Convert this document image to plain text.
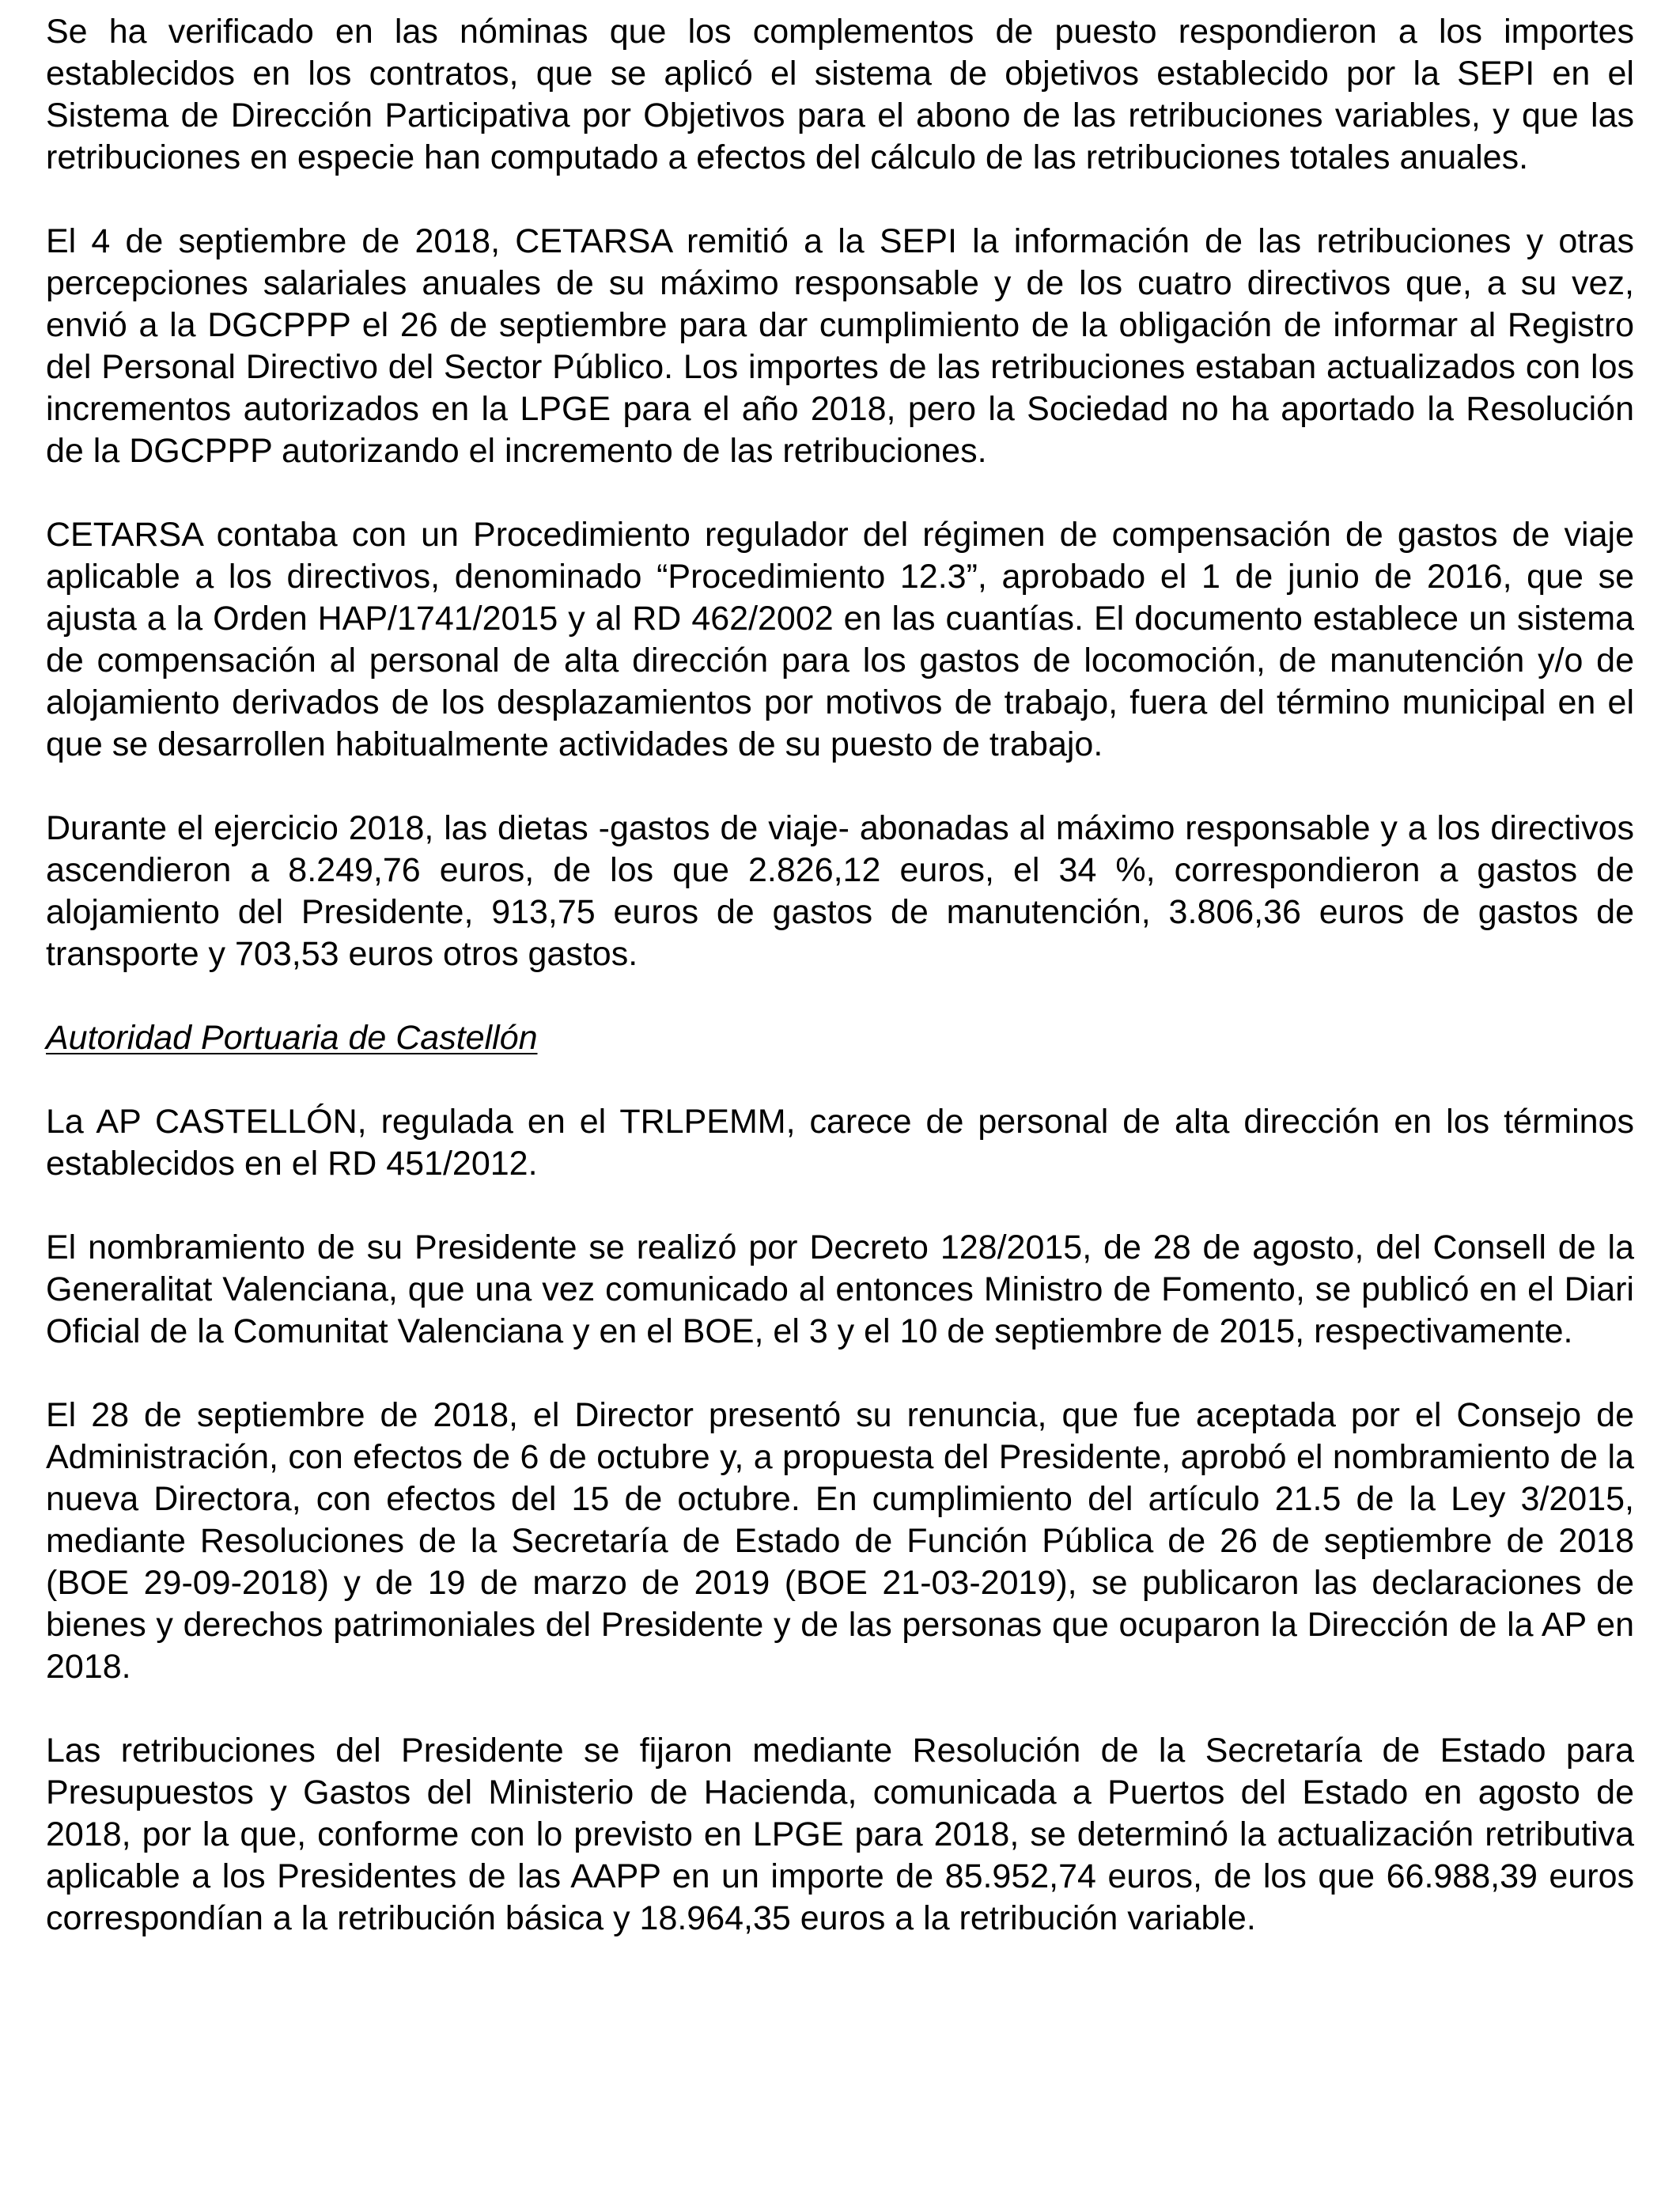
Se ha verificado en las nóminas que los complementos de puesto respondieron a los importes establecidos en los contratos, que se aplicó el sistema de objetivos establecido por la SEPI en el Sistema de Dirección Participativa por Objetivos para el abono de las retribuciones variables, y que las retribuciones en especie han computado a efectos del cálculo de las retribuciones totales anuales.

El 4 de septiembre de 2018, CETARSA remitió a la SEPI la información de las retribuciones y otras percepciones salariales anuales de su máximo responsable y de los cuatro directivos que, a su vez, envió a la DGCPPP el 26 de septiembre para dar cumplimiento de la obligación de informar al Registro del Personal Directivo del Sector Público. Los importes de las retribuciones estaban actualizados con los incrementos autorizados en la LPGE para el año 2018, pero la Sociedad no ha aportado la Resolución de la DGCPPP autorizando el incremento de las retribuciones.

CETARSA contaba con un Procedimiento regulador del régimen de compensación de gastos de viaje aplicable a los directivos, denominado “Procedimiento 12.3”, aprobado el 1 de junio de 2016, que se ajusta a la Orden HAP/1741/2015 y al RD 462/2002 en las cuantías. El documento establece un sistema de compensación al personal de alta dirección para los gastos de locomoción, de manutención y/o de alojamiento derivados de los desplazamientos por motivos de trabajo, fuera del término municipal en el que se desarrollen habitualmente actividades de su puesto de trabajo.

Durante el ejercicio 2018, las dietas -gastos de viaje- abonadas al máximo responsable y a los directivos ascendieron a 8.249,76 euros, de los que 2.826,12 euros, el 34 %, correspondieron a gastos de alojamiento del Presidente, 913,75 euros de gastos de manutención, 3.806,36 euros de gastos de transporte y 703,53 euros otros gastos.

Autoridad Portuaria de Castellón

La AP CASTELLÓN, regulada en el TRLPEMM, carece de personal de alta dirección en los términos establecidos en el RD 451/2012.

El nombramiento de su Presidente se realizó por Decreto 128/2015, de 28 de agosto, del Consell de la Generalitat Valenciana, que una vez comunicado al entonces Ministro de Fomento, se publicó en el Diari Oficial de la Comunitat Valenciana y en el BOE, el 3 y el 10 de septiembre de 2015, respectivamente.

El 28 de septiembre de 2018, el Director presentó su renuncia, que fue aceptada por el Consejo de Administración, con efectos de 6 de octubre y, a propuesta del Presidente, aprobó el nombramiento de la nueva Directora, con efectos del 15 de octubre. En cumplimiento del artículo 21.5 de la Ley 3/2015, mediante Resoluciones de la Secretaría de Estado de Función Pública de 26 de septiembre de 2018 (BOE 29-09-2018) y de 19 de marzo de 2019 (BOE 21-03-2019), se publicaron las declaraciones de bienes y derechos patrimoniales del Presidente y de las personas que ocuparon la Dirección de la AP en 2018.

Las retribuciones del Presidente se fijaron mediante Resolución de la Secretaría de Estado para Presupuestos y Gastos del Ministerio de Hacienda, comunicada a Puertos del Estado en agosto de 2018, por la que, conforme con lo previsto en LPGE para 2018, se determinó la actualización retributiva aplicable a los Presidentes de las AAPP en un importe de 85.952,74 euros, de los que 66.988,39 euros correspondían a la retribución básica y 18.964,35 euros a la retribución variable.
